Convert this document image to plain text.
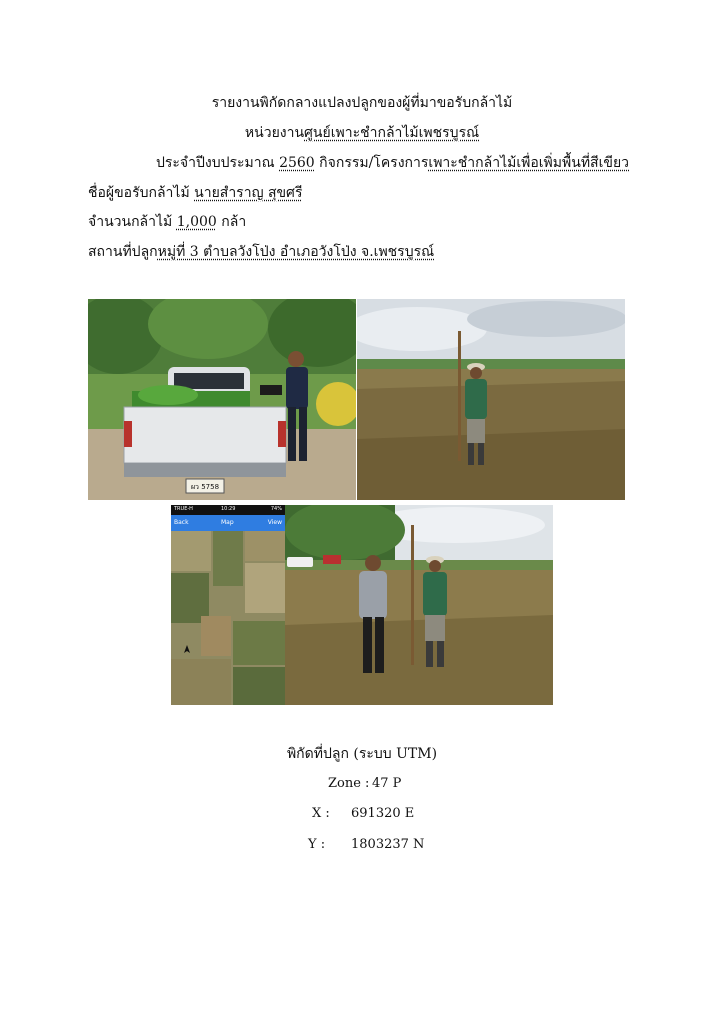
รายงานพิกัดกลางแปลงปลูกของผู้ที่มาขอรับกล้าไม้
หน่วยงานศูนย์เพาะชำกล้าไม้เพชรบูรณ์
ประจำปีงบประมาณ 2560 กิจกรรม/โครงการเพาะชำกล้าไม้เพื่อเพิ่มพื้นที่สีเขียว
ชื่อผู้ขอรับกล้าไม้ นายสำราญ สุขศรี
จำนวนกล้าไม้ 1,000 กล้า
สถานที่ปลูกหมู่ที่ 3 ตำบลวังโป่ง อำเภอวังโป่ง จ.เพชรบูรณ์
ผว 5758
TRUE-H	10:29	74%
Back	Map	View
พิกัดที่ปลูก (ระบบ UTM)
Zone : 47 P
X : 691320 E
Y : 1803237 N
